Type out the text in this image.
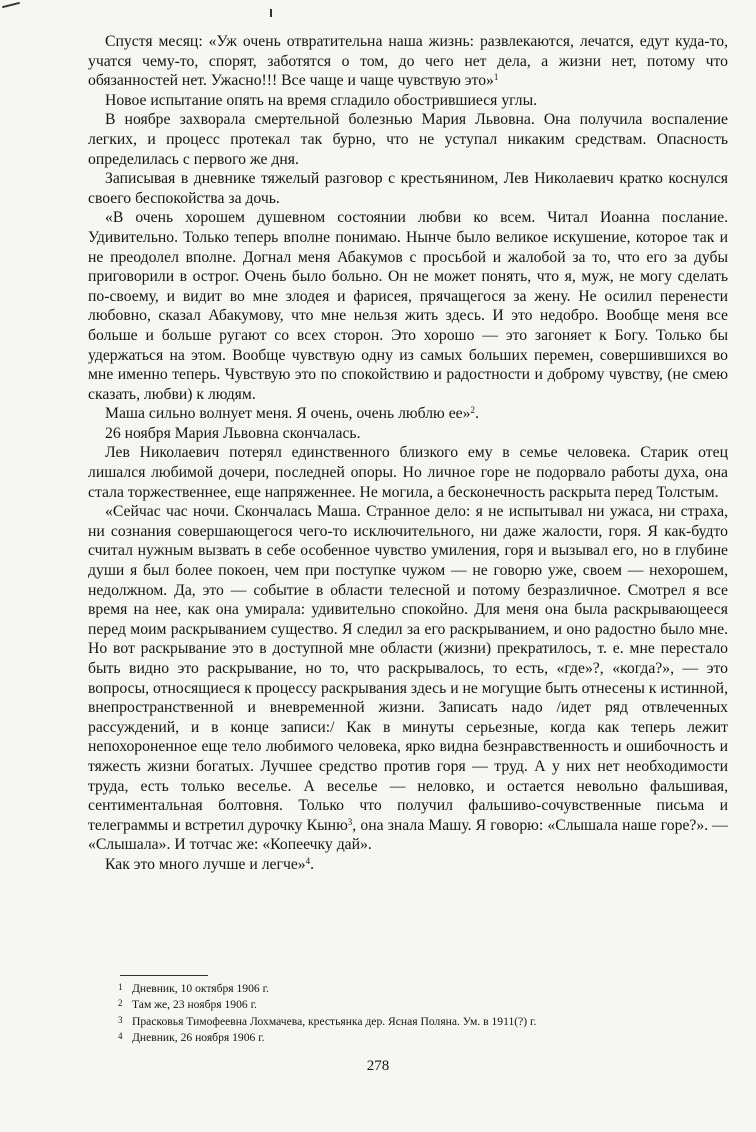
Спустя месяц: «Уж очень отвратительна наша жизнь: развлекаются, лечатся, едут куда-то, учатся чему-то, спорят, заботятся о том, до чего нет дела, а жизни нет, потому что обязанностей нет. Ужасно!!! Все чаще и чаще чувствую это»$^1$

Новое испытание опять на время сгладило обострившиеся углы.

В ноябре захворала смертельной болезнью Мария Львовна. Она получила воспаление легких, и процесс протекал так бурно, что не уступал никаким средствам. Опасность определилась с первого же дня.

Записывая в дневнике тяжелый разговор с крестьянином, Лев Николаевич кратко коснулся своего беспокойства за дочь.

«В очень хорошем душевном состоянии любви ко всем. Читал Иоанна послание. Удивительно. Только теперь вполне понимаю. Нынче было великое искушение, которое так и не преодолел вполне. Догнал меня Абакумов с просьбой и жалобой за то, что его за дубы приговорили в острог. Очень было больно. Он не может понять, что я, муж, не могу сделать по-своему, и видит во мне злодея и фарисея, прячащегося за жену. Не осилил перенести любовно, сказал Абакумову, что мне нельзя жить здесь. И это недобро. Вообще меня все больше и больше ругают со всех сторон. Это хорошо — это загоняет к Богу. Только бы удержаться на этом. Вообще чувствую одну из самых больших перемен, совершившихся во мне именно теперь. Чувствую это по спокойствию и радостности и доброму чувству, (не смею сказать, любви) к людям.

Маша сильно волнует меня. Я очень, очень люблю ее»$^2$.

26 ноября Мария Львовна скончалась.

Лев Николаевич потерял единственного близкого ему в семье человека. Старик отец лишался любимой дочери, последней опоры. Но личное горе не подорвало работы духа, она стала торжественнее, еще напряженнее. Не могила, а бесконечность раскрыта перед Толстым.

«Сейчас час ночи. Скончалась Маша. Странное дело: я не испытывал ни ужаса, ни страха, ни сознания совершающегося чего-то исключительного, ни даже жалости, горя. Я как-будто считал нужным вызвать в себе особенное чувство умиления, горя и вызывал его, но в глубине души я был более покоен, чем при поступке чужом — не говорю уже, своем — нехорошем, недолжном. Да, это — событие в области телесной и потому безразличное. Смотрел я все время на нее, как она умирала: удивительно спокойно. Для меня она была раскрывающееся перед моим раскрыванием существо. Я следил за его раскрыванием, и оно радостно было мне. Но вот раскрывание это в доступной мне области (жизни) прекратилось, т. е. мне перестало быть видно это раскрывание, но то, что раскрывалось, то есть, «где»?, «когда?», — это вопросы, относящиеся к процессу раскрывания здесь и не могущие быть отнесены к истинной, внепространственной и вневременной жизни. Записать надо /идет ряд отвлеченных рассуждений, и в конце записи:/ Как в минуты серьезные, когда как теперь лежит непохороненное еще тело любимого человека, ярко видна безнравственность и ошибочность и тяжесть жизни богатых. Лучшее средство против горя — труд. А у них нет необходимости труда, есть только веселье. А веселье — неловко, и остается невольно фальшивая, сентиментальная болтовня. Только что получил фальшиво-сочувственные письма и телеграммы и встретил дурочку Кыню$^3$, она знала Машу. Я говорю: «Слышала наше горе?». — «Слышала». И тотчас же: «Копеечку дай».

Как это много лучше и легче»$^4$.

1 Дневник, 10 октября 1906 г.
2 Там же, 23 ноября 1906 г.
3 Прасковья Тимофеевна Лохмачева, крестьянка дер. Ясная Поляна. Ум. в 1911(?) г.
4 Дневник, 26 ноября 1906 г.
278
